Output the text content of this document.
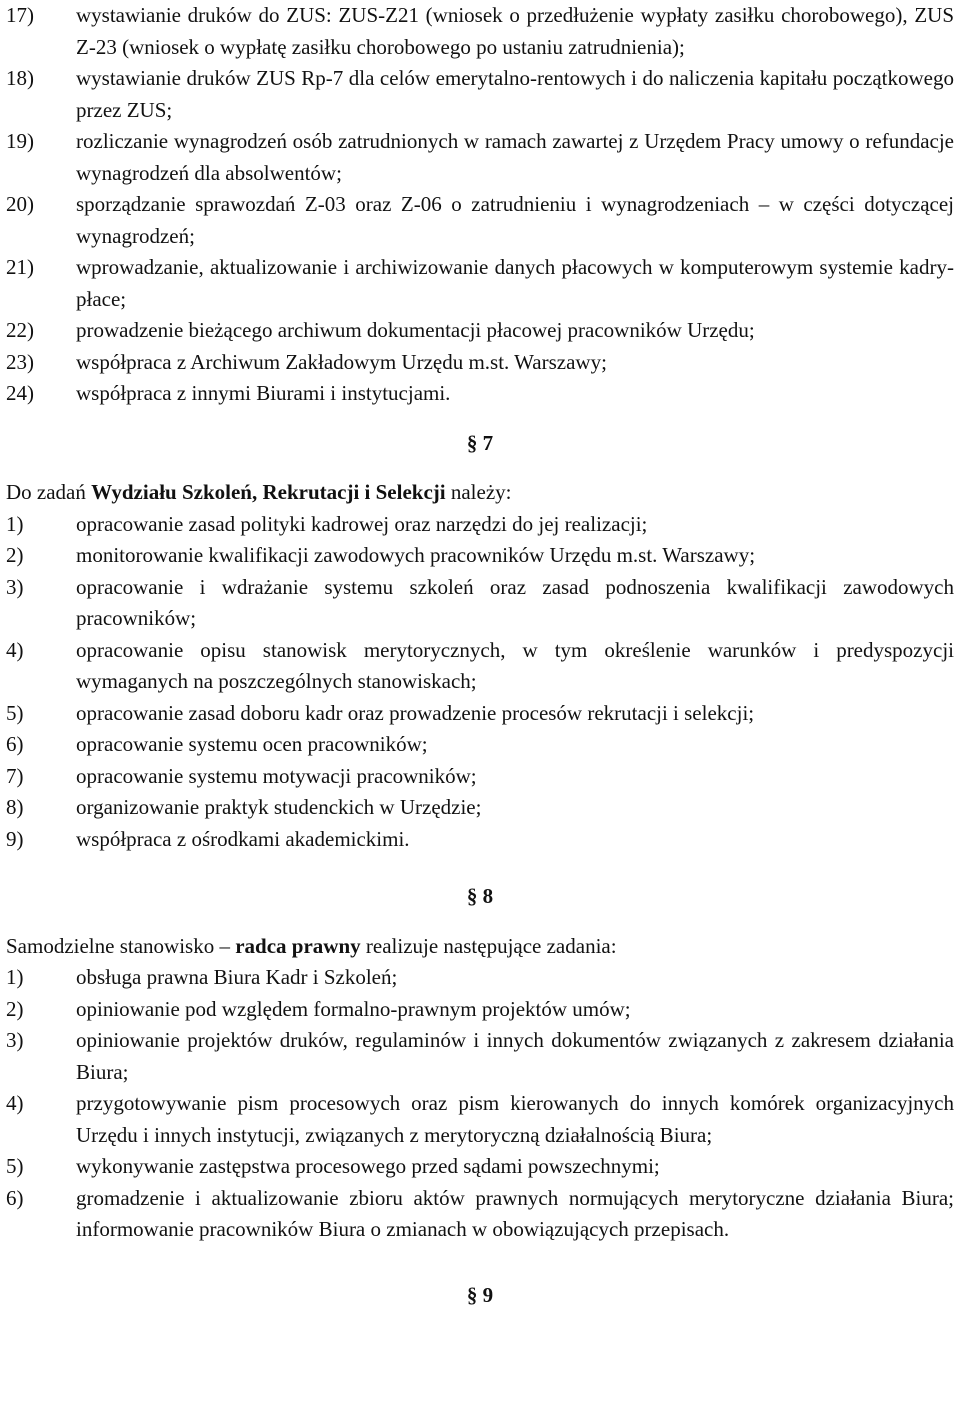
17) wystawianie druków do ZUS: ZUS-Z21 (wniosek o przedłużenie wypłaty zasiłku chorobowego), ZUS Z-23 (wniosek o wypłatę zasiłku chorobowego po ustaniu zatrudnienia);
18) wystawianie druków ZUS Rp-7 dla celów emerytalno-rentowych i do naliczenia kapitału początkowego przez ZUS;
19) rozliczanie wynagrodzeń osób zatrudnionych w ramach zawartej z Urzędem Pracy umowy o refundacje wynagrodzeń dla absolwentów;
20) sporządzanie sprawozdań Z-03 oraz Z-06 o zatrudnieniu i wynagrodzeniach – w części dotyczącej wynagrodzeń;
21) wprowadzanie, aktualizowanie i archiwizowanie danych płacowych w komputerowym systemie kadry-płace;
22) prowadzenie bieżącego archiwum dokumentacji płacowej pracowników Urzędu;
23) współpraca z Archiwum Zakładowym Urzędu m.st. Warszawy;
24) współpraca z innymi Biurami i instytucjami.

§ 7

Do zadań Wydziału Szkoleń, Rekrutacji i Selekcji należy:

1)	opracowanie zasad polityki kadrowej oraz narzędzi do jej realizacji;
2)	monitorowanie kwalifikacji zawodowych pracowników Urzędu m.st. Warszawy;
3)	opracowanie i wdrażanie systemu szkoleń oraz zasad podnoszenia kwalifikacji zawodowych pracowników;
4)	opracowanie opisu stanowisk merytorycznych, w tym określenie warunków i predyspozycji wymaganych na poszczególnych stanowiskach;
5)	opracowanie zasad doboru kadr oraz prowadzenie procesów rekrutacji i selekcji;
6)	opracowanie systemu ocen pracowników;
7)	opracowanie systemu motywacji pracowników;
8)	organizowanie praktyk studenckich w Urzędzie;
9)	współpraca z ośrodkami akademickimi.

§ 8

Samodzielne stanowisko – radca prawny realizuje następujące zadania:

1)	obsługa prawna Biura Kadr i Szkoleń;
2)	opiniowanie pod względem formalno-prawnym projektów umów;
3)	opiniowanie projektów druków, regulaminów i innych dokumentów związanych z zakresem działania Biura;
4)	przygotowywanie pism procesowych oraz pism kierowanych do innych komórek organizacyjnych Urzędu i innych instytucji, związanych z merytoryczną działalnością Biura;
5)	wykonywanie zastępstwa procesowego przed sądami powszechnymi;
6)	gromadzenie i aktualizowanie zbioru aktów prawnych normujących merytoryczne działania Biura; informowanie pracowników Biura o zmianach w obowiązujących przepisach.

§ 9
